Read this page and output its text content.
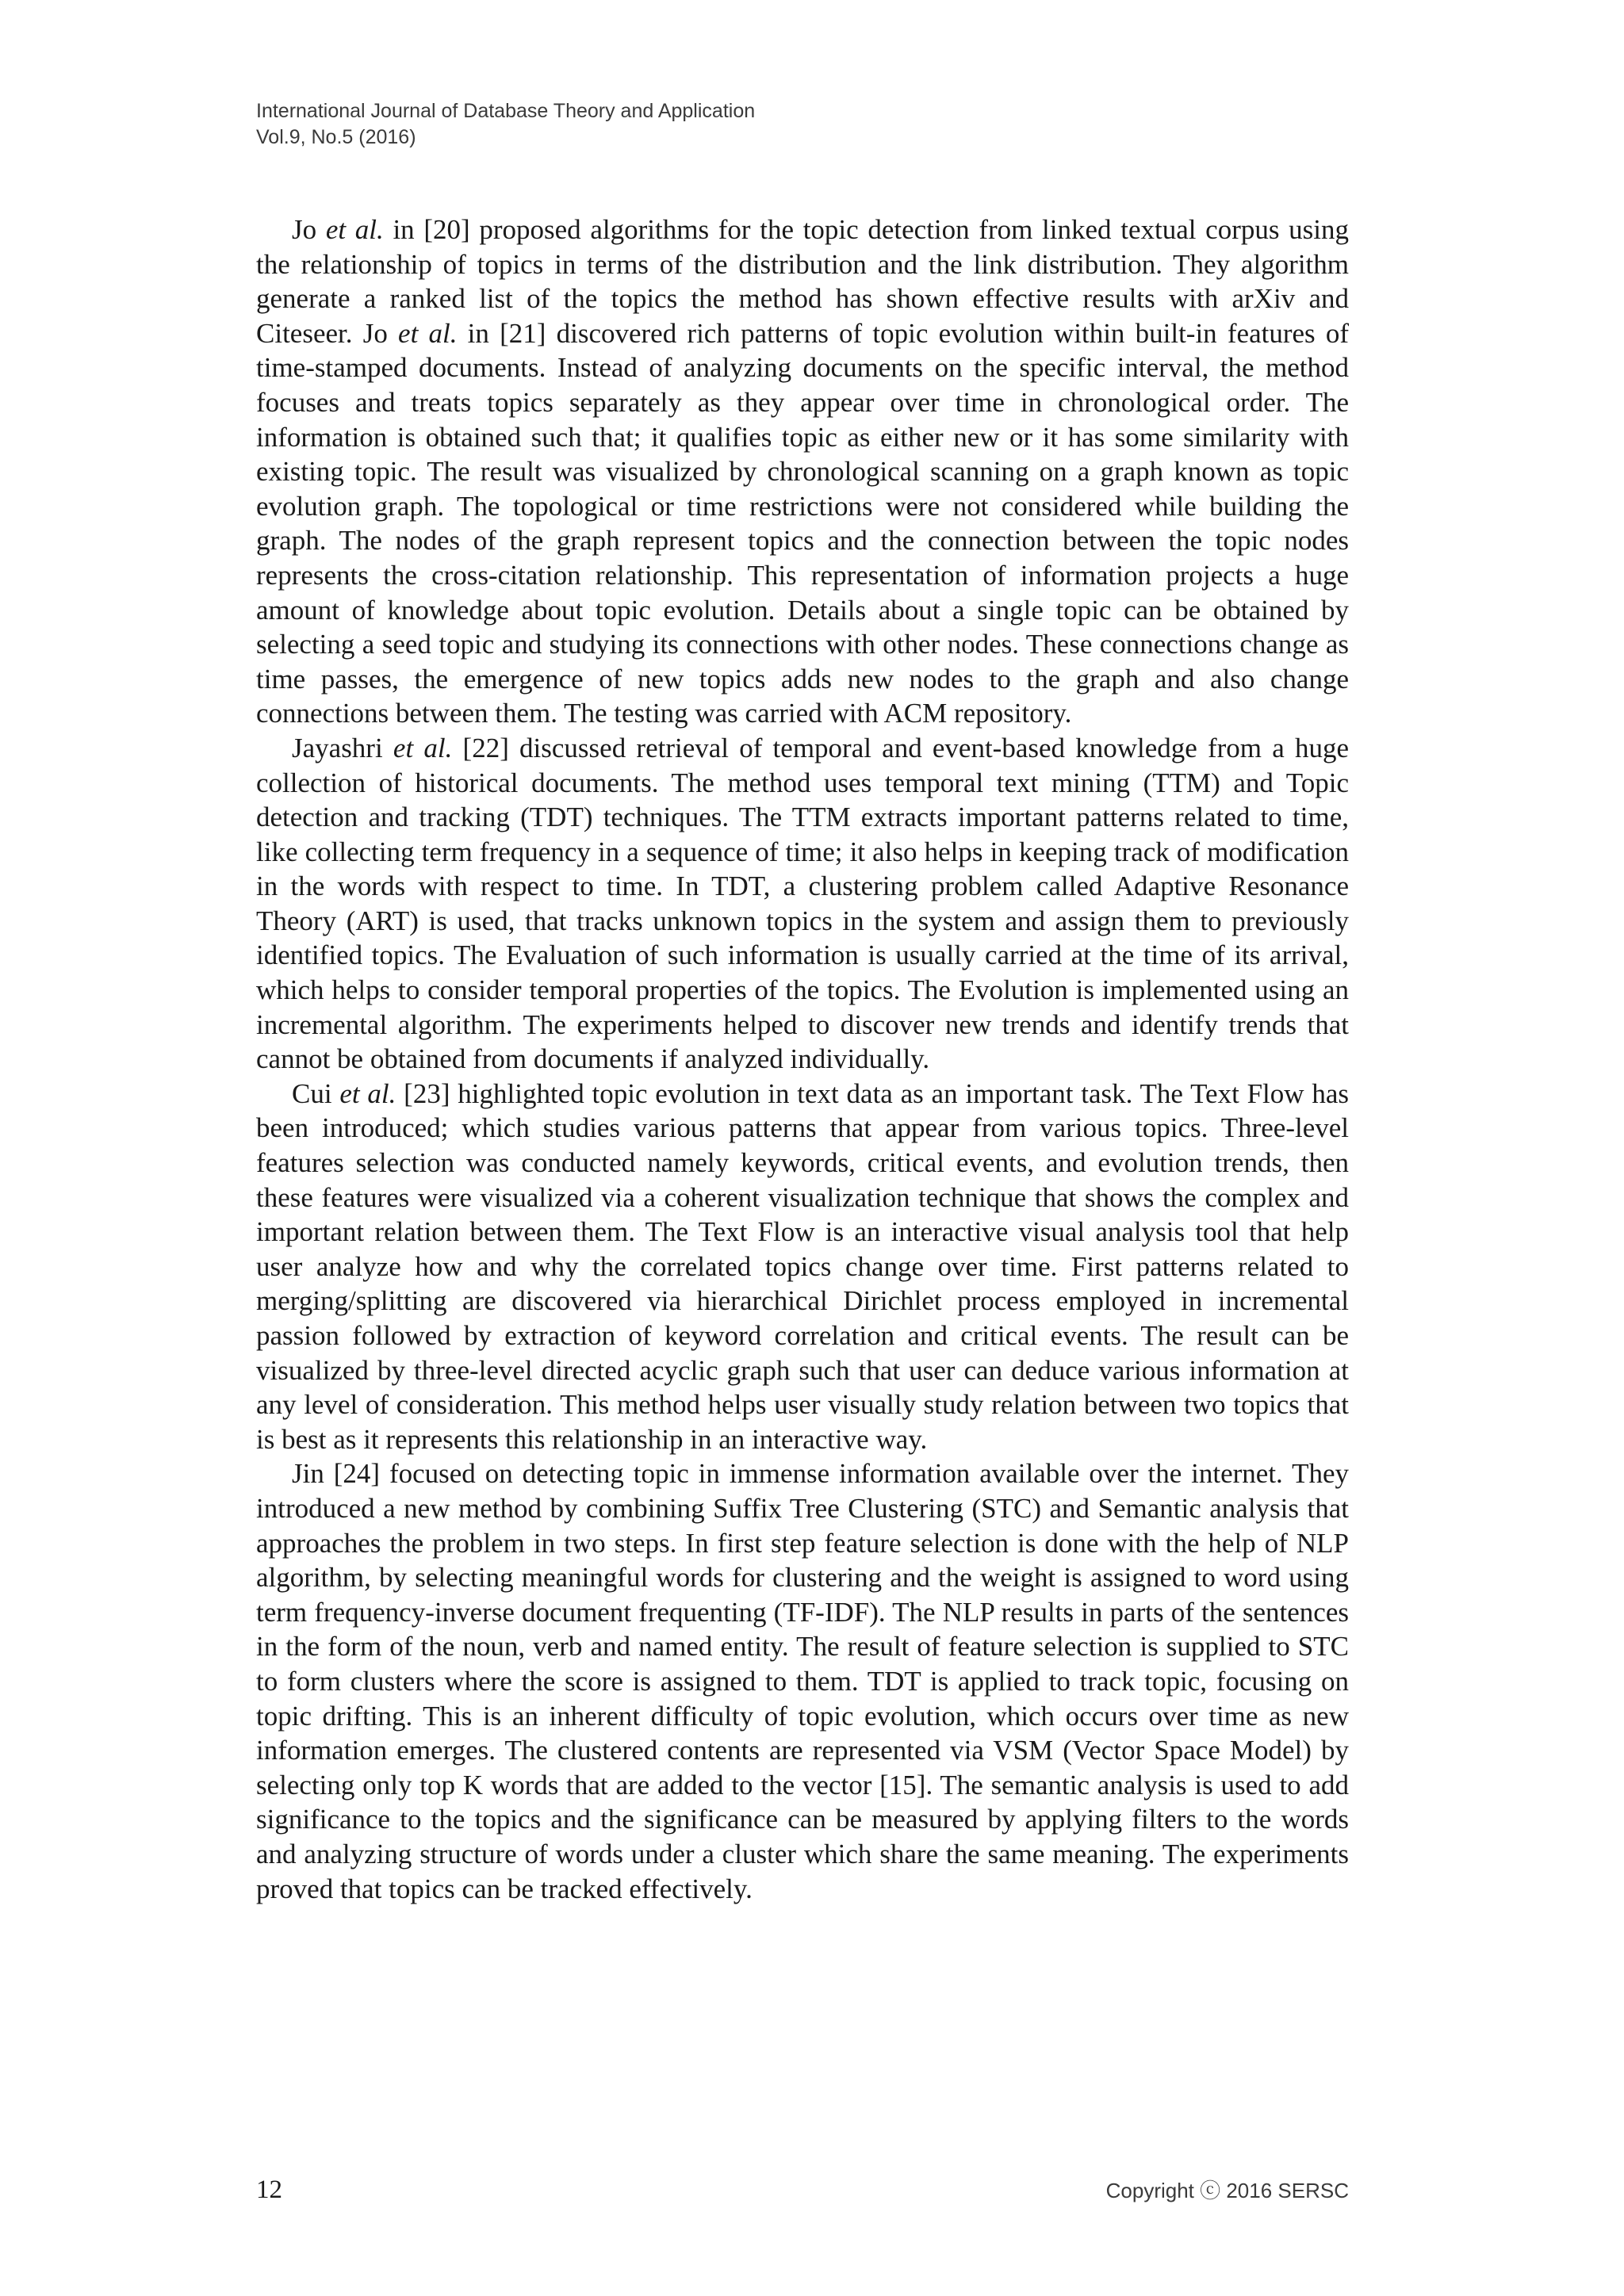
International Journal of Database Theory and Application
Vol.9, No.5 (2016)

Jo et al. in [20] proposed algorithms for the topic detection from linked textual corpus using the relationship of topics in terms of the distribution and the link distribution. They algorithm generate a ranked list of the topics the method has shown effective results with arXiv and Citeseer. Jo et al. in [21] discovered rich patterns of topic evolution within built-in features of time-stamped documents. Instead of analyzing documents on the specific interval, the method focuses and treats topics separately as they appear over time in chronological order. The information is obtained such that; it qualifies topic as either new or it has some similarity with existing topic. The result was visualized by chronological scanning on a graph known as topic evolution graph. The topological or time restrictions were not considered while building the graph. The nodes of the graph represent topics and the connection between the topic nodes represents the cross-citation relationship. This representation of information projects a huge amount of knowledge about topic evolution. Details about a single topic can be obtained by selecting a seed topic and studying its connections with other nodes. These connections change as time passes, the emergence of new topics adds new nodes to the graph and also change connections between them. The testing was carried with ACM repository.

Jayashri et al. [22] discussed retrieval of temporal and event-based knowledge from a huge collection of historical documents. The method uses temporal text mining (TTM) and Topic detection and tracking (TDT) techniques. The TTM extracts important patterns related to time, like collecting term frequency in a sequence of time; it also helps in keeping track of modification in the words with respect to time. In TDT, a clustering problem called Adaptive Resonance Theory (ART) is used, that tracks unknown topics in the system and assign them to previously identified topics. The Evaluation of such information is usually carried at the time of its arrival, which helps to consider temporal properties of the topics. The Evolution is implemented using an incremental algorithm. The experiments helped to discover new trends and identify trends that cannot be obtained from documents if analyzed individually.

Cui et al. [23] highlighted topic evolution in text data as an important task. The Text Flow has been introduced; which studies various patterns that appear from various topics. Three-level features selection was conducted namely keywords, critical events, and evolution trends, then these features were visualized via a coherent visualization technique that shows the complex and important relation between them. The Text Flow is an interactive visual analysis tool that help user analyze how and why the correlated topics change over time. First patterns related to merging/splitting are discovered via hierarchical Dirichlet process employed in incremental passion followed by extraction of keyword correlation and critical events. The result can be visualized by three-level directed acyclic graph such that user can deduce various information at any level of consideration. This method helps user visually study relation between two topics that is best as it represents this relationship in an interactive way.

Jin [24] focused on detecting topic in immense information available over the internet. They introduced a new method by combining Suffix Tree Clustering (STC) and Semantic analysis that approaches the problem in two steps. In first step feature selection is done with the help of NLP algorithm, by selecting meaningful words for clustering and the weight is assigned to word using term frequency-inverse document frequenting (TF-IDF). The NLP results in parts of the sentences in the form of the noun, verb and named entity. The result of feature selection is supplied to STC to form clusters where the score is assigned to them. TDT is applied to track topic, focusing on topic drifting. This is an inherent difficulty of topic evolution, which occurs over time as new information emerges. The clustered contents are represented via VSM (Vector Space Model) by selecting only top K words that are added to the vector [15]. The semantic analysis is used to add significance to the topics and the significance can be measured by applying filters to the words and analyzing structure of words under a cluster which share the same meaning. The experiments proved that topics can be tracked effectively.

12	Copyright ⓒ 2016 SERSC
